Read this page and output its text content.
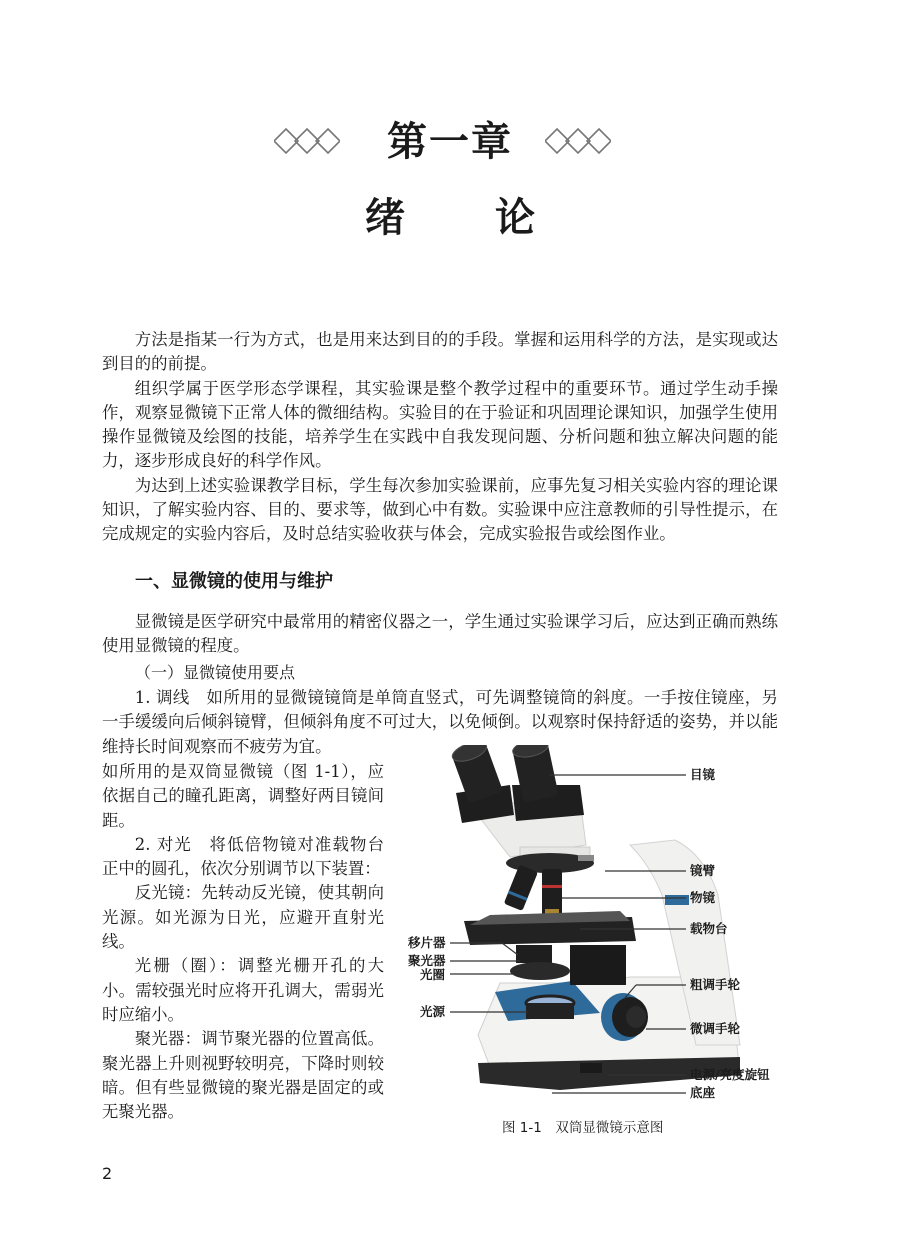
第一章
绪 论

方法是指某一行为方式，也是用来达到目的的手段。掌握和运用科学的方法，是实现或达到目的的前提。

组织学属于医学形态学课程，其实验课是整个教学过程中的重要环节。通过学生动手操作，观察显微镜下正常人体的微细结构。实验目的在于验证和巩固理论课知识，加强学生使用操作显微镜及绘图的技能，培养学生在实践中自我发现问题、分析问题和独立解决问题的能力，逐步形成良好的科学作风。

为达到上述实验课教学目标，学生每次参加实验课前，应事先复习相关实验内容的理论课知识，了解实验内容、目的、要求等，做到心中有数。实验课中应注意教师的引导性提示，在完成规定的实验内容后，及时总结实验收获与体会，完成实验报告或绘图作业。

一、显微镜的使用与维护

显微镜是医学研究中最常用的精密仪器之一，学生通过实验课学习后，应达到正确而熟练使用显微镜的程度。

（一）显微镜使用要点

1. 调线　如所用的显微镜镜筒是单筒直竖式，可先调整镜筒的斜度。一手按住镜座，另一手缓缓向后倾斜镜臂，但倾斜角度不可过大，以免倾倒。以观察时保持舒适的姿势，并以能维持长时间观察而不疲劳为宜。

如所用的是双筒显微镜（图 1-1），应依据自己的瞳孔距离，调整好两目镜间距。

2. 对光　将低倍物镜对准载物台正中的圆孔，依次分别调节以下装置：

反光镜：先转动反光镜，使其朝向光源。如光源为日光，应避开直射光线。

光栅（圈）：调整光栅开孔的大小。需较强光时应将开孔调大，需弱光时应缩小。

聚光器：调节聚光器的位置高低。聚光器上升则视野较明亮，下降时则较暗。但有些显微镜的聚光器是固定的或无聚光器。

目镜
镜臂
物镜
载物台
移片器
聚光器
光圈
光源
粗调手轮
微调手轮
电源/亮度旋钮
底座
图 1-1　双筒显微镜示意图
2
